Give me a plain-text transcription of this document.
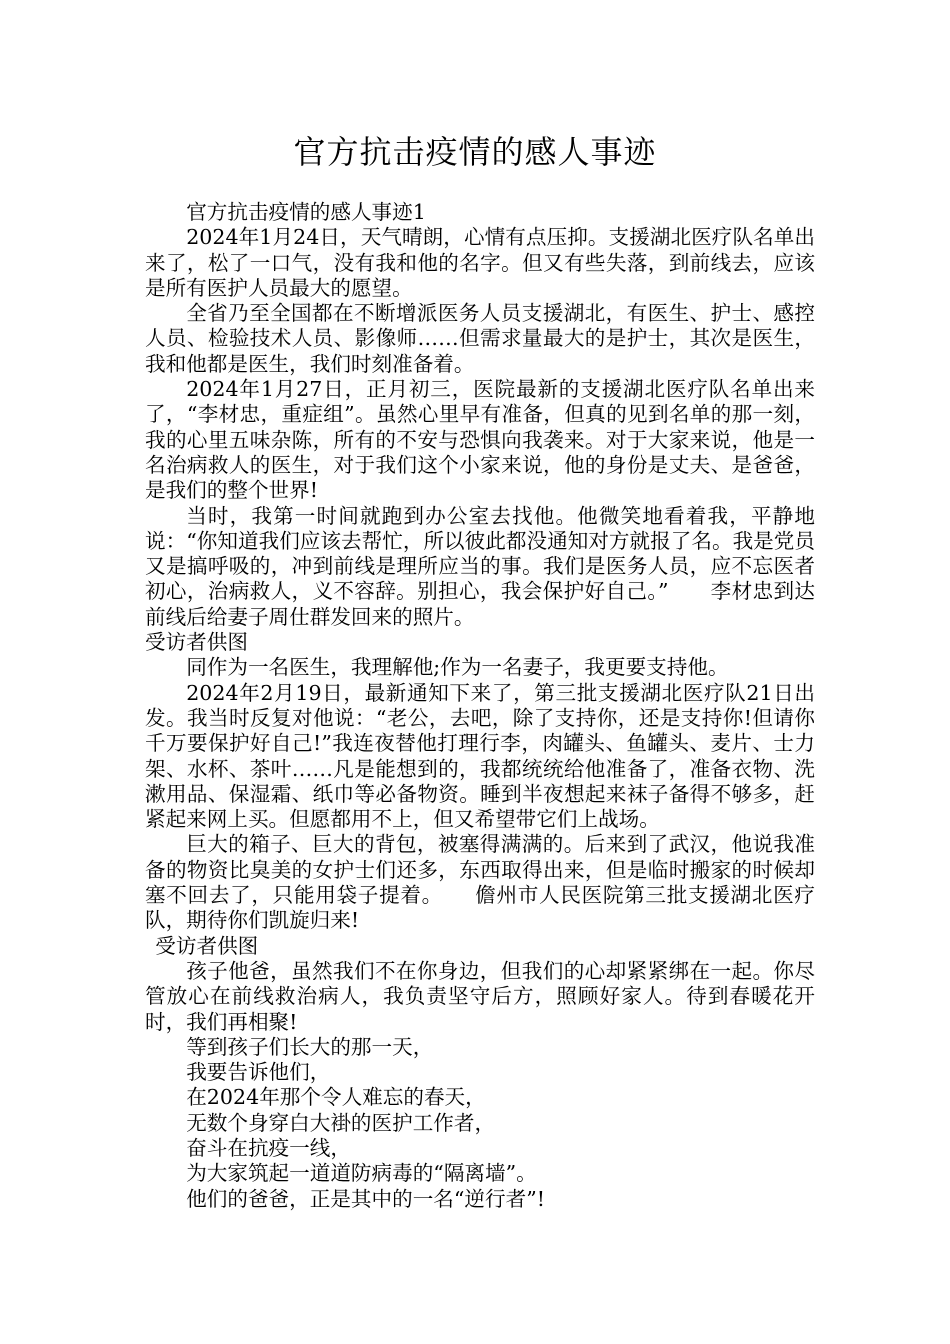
官方抗击疫情的感人事迹

官方抗击疫情的感人事迹1

2024年1月24日，天气晴朗，心情有点压抑。支援湖北医疗队名单出来了，松了一口气，没有我和他的名字。但又有些失落，到前线去，应该是所有医护人员最大的愿望。

全省乃至全国都在不断增派医务人员支援湖北，有医生、护士、感控人员、检验技术人员、影像师……但需求量最大的是护士，其次是医生，我和他都是医生，我们时刻准备着。

2024年1月27日，正月初三，医院最新的支援湖北医疗队名单出来了，“李材忠，重症组”。虽然心里早有准备，但真的见到名单的那一刻，我的心里五味杂陈，所有的不安与恐惧向我袭来。对于大家来说，他是一名治病救人的医生，对于我们这个小家来说，他的身份是丈夫、是爸爸，是我们的整个世界!

当时，我第一时间就跑到办公室去找他。他微笑地看着我，平静地说：“你知道我们应该去帮忙，所以彼此都没通知对方就报了名。我是党员又是搞呼吸的，冲到前线是理所应当的事。我们是医务人员，应不忘医者初心，治病救人，义不容辞。别担心，我会保护好自己。”　　李材忠到达前线后给妻子周仕群发回来的照片。

受访者供图

同作为一名医生，我理解他;作为一名妻子，我更要支持他。

2024年2月19日，最新通知下来了，第三批支援湖北医疗队21日出发。我当时反复对他说：“老公，去吧，除了支持你，还是支持你!但请你千万要保护好自己!”我连夜替他打理行李，肉罐头、鱼罐头、麦片、士力架、水杯、茶叶……凡是能想到的，我都统统给他准备了，准备衣物、洗漱用品、保湿霜、纸巾等必备物资。睡到半夜想起来袜子备得不够多，赶紧起来网上买。但愿都用不上，但又希望带它们上战场。

巨大的箱子、巨大的背包，被塞得满满的。后来到了武汉，他说我准备的物资比臭美的女护士们还多，东西取得出来，但是临时搬家的时候却塞不回去了，只能用袋子提着。　　儋州市人民医院第三批支援湖北医疗队，期待你们凯旋归来!

受访者供图

孩子他爸，虽然我们不在你身边，但我们的心却紧紧绑在一起。你尽管放心在前线救治病人，我负责坚守后方，照顾好家人。待到春暖花开时，我们再相聚!

等到孩子们长大的那一天，

我要告诉他们，

在2024年那个令人难忘的春天，

无数个身穿白大褂的医护工作者，

奋斗在抗疫一线，

为大家筑起一道道防病毒的“隔离墙”。

他们的爸爸，正是其中的一名“逆行者”!
